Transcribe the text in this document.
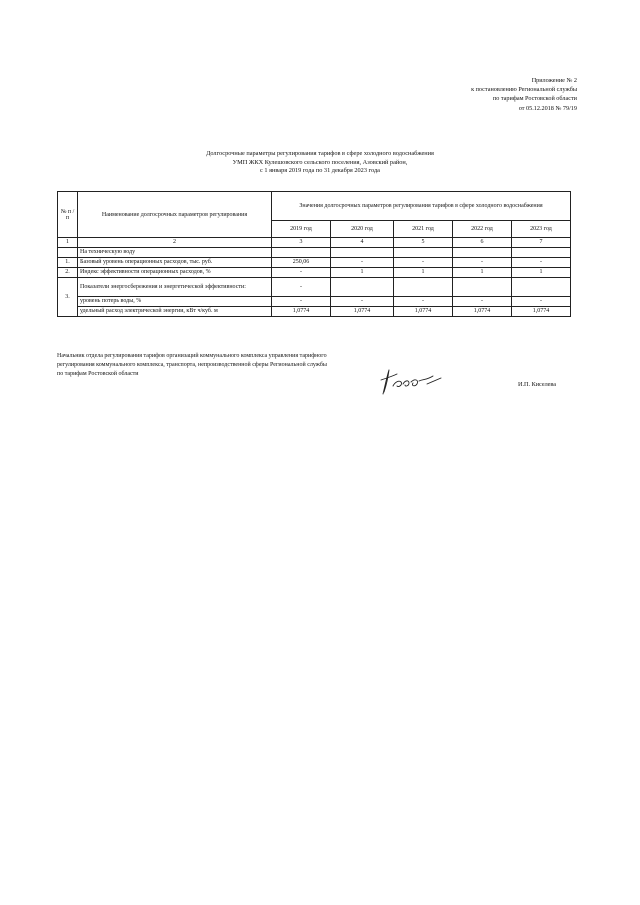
Приложение № 2
к постановлению Региональной службы
по тарифам Ростовской области
от 05.12.2018 № 79/19
Долгосрочные параметры регулирования тарифов в сфере холодного водоснабжения
УМП ЖКХ Кулешовского сельского поселения, Азовский район,
с 1 января 2019 года по 31 декабря 2023 года
№ п /п	Наименование долгосрочных параметров регулирования	Значения долгосрочных параметров регулирования тарифов в сфере холодного водоснабжения				
		2019 год	2020 год	2021 год	2022 год	2023 год
1	2	3	4	5	6	7
	На техническую воду					
1.	Базовый уровень операционных расходов, тыс. руб.	250,06	-	-	-	-
2.	Индекс эффективности операционных расходов, %	-	1	1	1	1
3.	Показатели энергосбережения и энергетической эффективности:	-				
	уровень потерь воды, %	-	-	-	-	-
	удельный расход электрической энергии, кВт ч/куб. м	1,0774	1,0774	1,0774	1,0774	1,0774
Начальник отдела регулирования тарифов организаций коммунального комплекса управления тарифного регулирования коммунального комплекса, транспорта, непроизводственной сферы Региональной службы по тарифам Ростовской области
И.П. Киселева
